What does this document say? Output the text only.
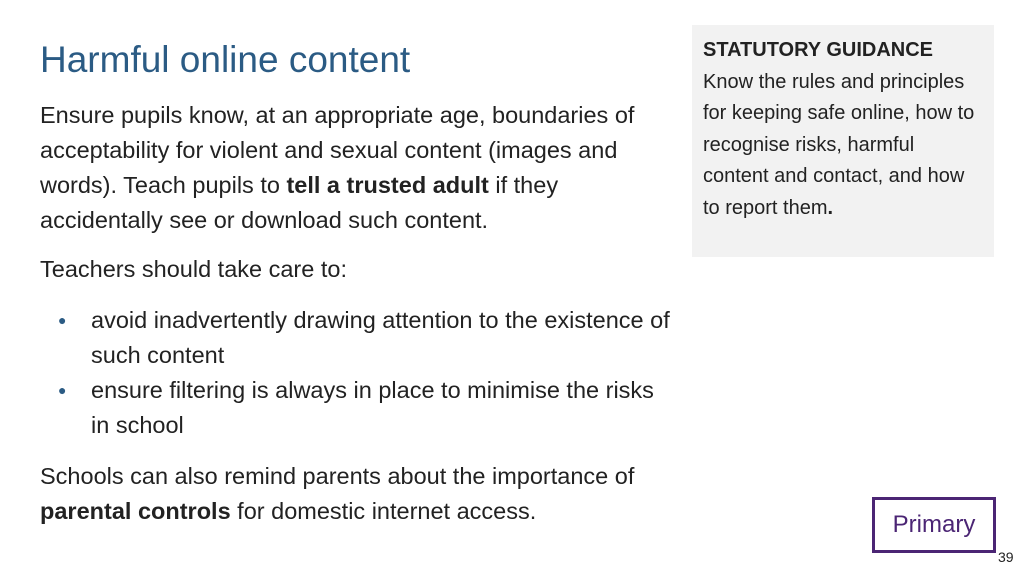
Harmful online content

Ensure pupils know, at an appropriate age, boundaries of acceptability for violent and sexual content (images and words). Teach pupils to tell a trusted adult if they accidentally see or download such content.

Teachers should take care to:

● avoid inadvertently drawing attention to the existence of such content
● ensure filtering is always in place to minimise the risks in school

Schools can also remind parents about the importance of parental controls for domestic internet access.

STATUTORY GUIDANCE
Know the rules and principles for keeping safe online, how to recognise risks, harmful content and contact, and how to report them.
Primary
39
